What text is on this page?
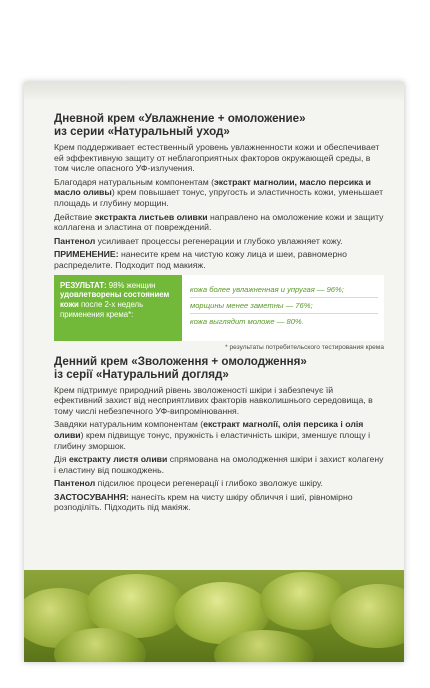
Дневной крем «Увлажнение + омоложение»
из серии «Натуральный уход»

Крем поддерживает естественный уровень увлажненности кожи и обеспечивает ей эффективную защиту от неблагоприятных факторов окружающей среды, в том числе опасного УФ-излучения.

Благодаря натуральным компонентам (экстракт магнолии, масло персика и масло оливы) крем повышает тонус, упругость и эластичность кожи, уменьшает площадь и глубину морщин.

Действие экстракта листьев оливки направлено на омоложение кожи и защиту коллагена и эластина от повреждений.

Пантенол усиливает процессы регенерации и глубоко увлажняет кожу.

ПРИМЕНЕНИЕ: нанесите крем на чистую кожу лица и шеи, равномерно распределите. Подходит под макияж.

РЕЗУЛЬТАТ: 98% женщин удовлетворены состоянием кожи после 2-х недель применения крема*:
кожа более увлажненная и упругая — 96%;
морщины менее заметны — 76%;
кожа выглядит моложе — 80%.
* результаты потребительского тестирования крема
Денний крем «Зволоження + омолодження»
із серії «Натуральний догляд»

Крем підтримує природний рівень зволоженості шкіри і забезпечує їй ефективний захист від несприятливих факторів навколишнього середовища, в тому числі небезпечного УФ-випромінювання.

Завдяки натуральним компонентам (екстракт магнолії, олія персика і олія оливи) крем підвищує тонус, пружність і еластичність шкіри, зменшує площу і глибину зморшок.

Дія екстракту листя оливи спрямована на омолодження шкіри і захист колагену і еластину від пошкоджень.

Пантенол підсилює процеси регенерації і глибоко зволожує шкіру.

ЗАСТОСУВАННЯ: нанесіть крем на чисту шкіру обличчя і шиї, рівномірно розподіліть. Підходить під макіяж.
